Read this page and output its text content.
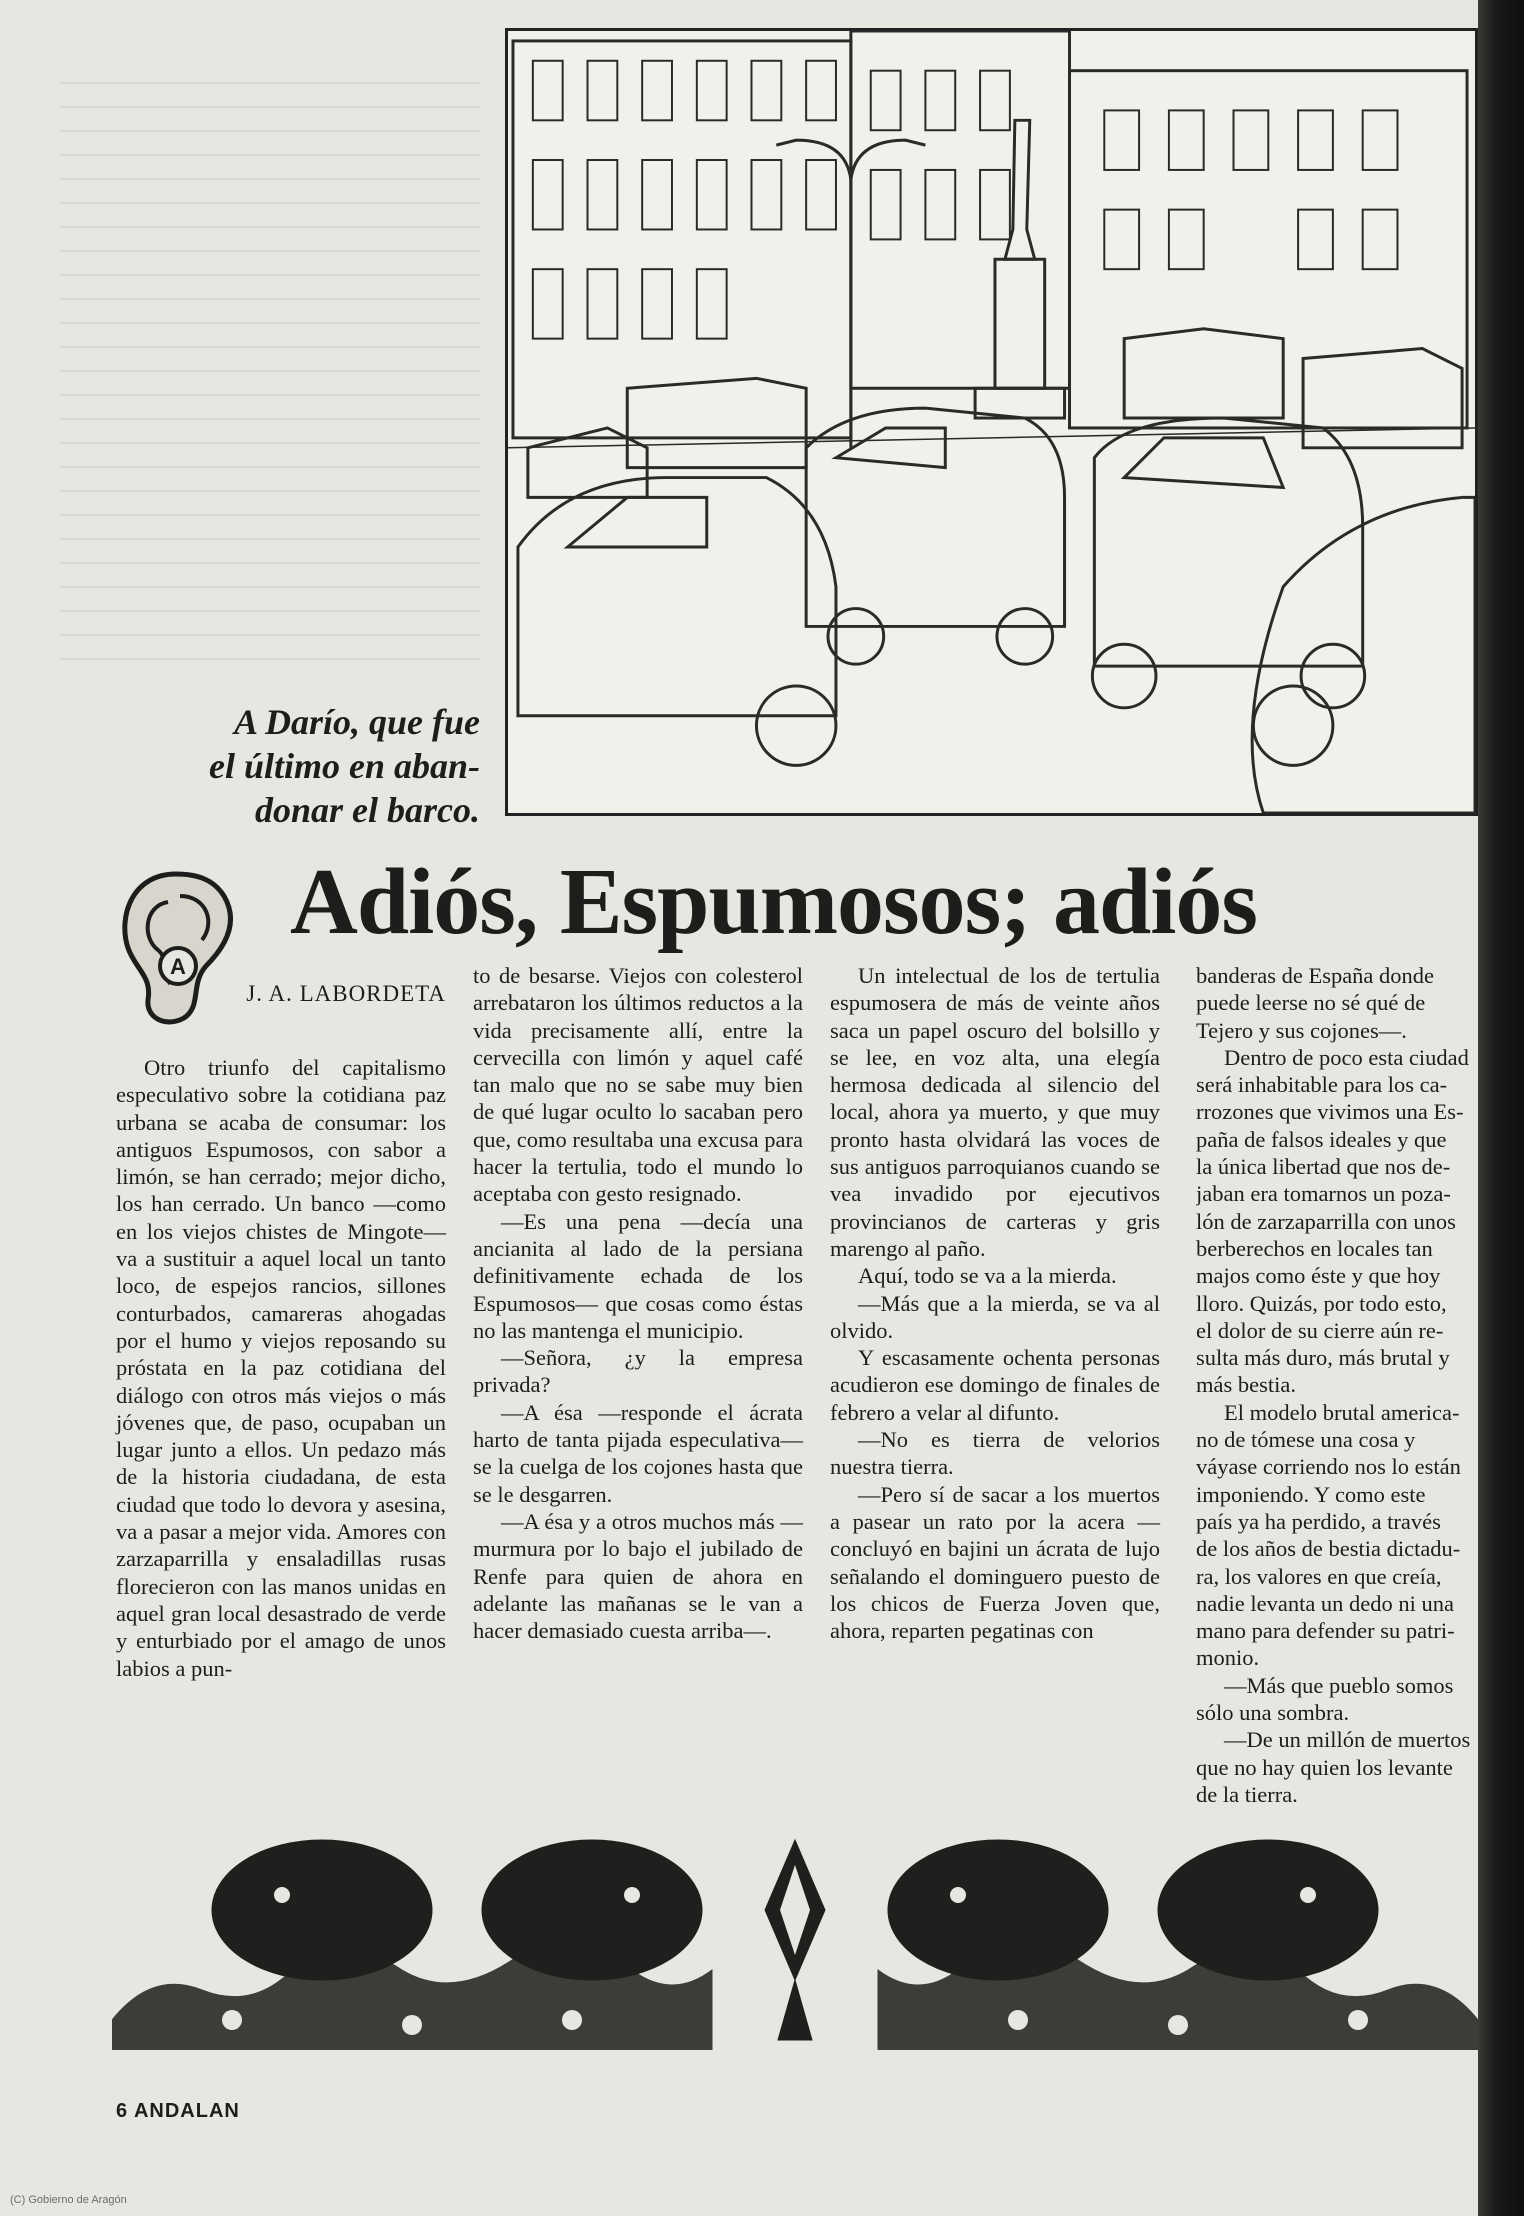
A Darío, que fue
el último en aban-
donar el barco.
A
Adiós, Espumosos; adiós
J. A. LABORDETA

Otro triunfo del capitalismo especulativo sobre la cotidiana paz urbana se acaba de consumar: los antiguos Espumosos, con sabor a limón, se han cerrado; mejor dicho, los han cerrado. Un banco —como en los viejos chistes de Mingote— va a sustituir a aquel local un tanto loco, de espejos rancios, sillones conturbados, camareras ahogadas por el humo y viejos reposando su próstata en la paz cotidiana del diálogo con otros más viejos o más jóvenes que, de paso, ocupaban un lugar junto a ellos. Un pedazo más de la historia ciudadana, de esta ciudad que todo lo devora y asesina, va a pasar a mejor vida. Amores con zarzaparrilla y ensaladillas rusas florecieron con las manos unidas en aquel gran local desastrado de verde y enturbiado por el amago de unos labios a pun-

to de besarse. Viejos con colesterol arrebataron los últimos reductos a la vida precisamente allí, entre la cervecilla con limón y aquel café tan malo que no se sabe muy bien de qué lugar oculto lo sacaban pero que, como resultaba una excusa para hacer la tertulia, todo el mundo lo aceptaba con gesto resignado.

—Es una pena —decía una ancianita al lado de la persiana definitivamente echada de los Espumosos— que cosas como éstas no las mantenga el municipio.

—Señora, ¿y la empresa privada?

—A ésa —responde el ácrata harto de tanta pijada especulativa— se la cuelga de los cojones hasta que se le desgarren.

—A ésa y a otros muchos más —murmura por lo bajo el jubilado de Renfe para quien de ahora en adelante las mañanas se le van a hacer demasiado cuesta arriba—.

Un intelectual de los de tertulia espumosera de más de veinte años saca un papel oscuro del bolsillo y se lee, en voz alta, una elegía hermosa dedicada al silencio del local, ahora ya muerto, y que muy pronto hasta olvidará las voces de sus antiguos parroquianos cuando se vea invadido por ejecutivos provincianos de carteras y gris marengo al paño.

Aquí, todo se va a la mierda.

—Más que a la mierda, se va al olvido.

Y escasamente ochenta personas acudieron ese domingo de finales de febrero a velar al difunto.

—No es tierra de velorios nuestra tierra.

—Pero sí de sacar a los muertos a pasear un rato por la acera —concluyó en bajini un ácrata de lujo señalando el dominguero puesto de los chicos de Fuerza Joven que, ahora, reparten pegatinas con

banderas de España donde

puede leerse no sé qué de

Tejero y sus cojones—.

Dentro de poco esta ciudad

será inhabitable para los ca-

rrozones que vivimos una Es-

paña de falsos ideales y que

la única libertad que nos de-

jaban era tomarnos un poza-

lón de zarzaparrilla con unos

berberechos en locales tan

majos como éste y que hoy

lloro. Quizás, por todo esto,

el dolor de su cierre aún re-

sulta más duro, más brutal y

más bestia.

El modelo brutal america-

no de tómese una cosa y

váyase corriendo nos lo están

imponiendo. Y como este

país ya ha perdido, a través

de los años de bestia dictadu-

ra, los valores en que creía,

nadie levanta un dedo ni una

mano para defender su patri-

monio.

—Más que pueblo somos

sólo una sombra.

—De un millón de muertos

que no hay quien los levante

de la tierra.

6 ANDALAN
(C) Gobierno de Aragón
